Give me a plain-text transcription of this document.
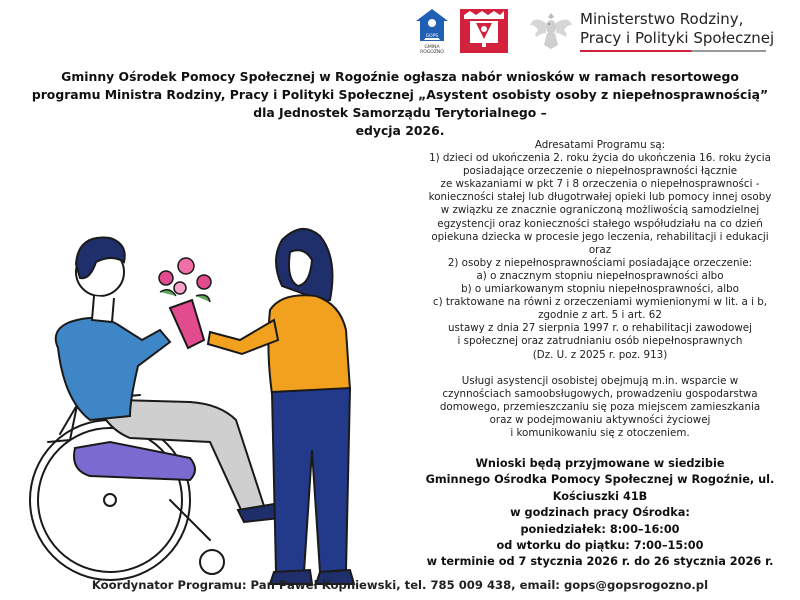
GOPS
GMINA ROGOŹNO
Ministerstwo Rodziny,
Pracy i Polityki Społecznej
Gminny Ośrodek Pomocy Społecznej w Rogoźnie ogłasza nabór wniosków w ramach resortowego
programu Ministra Rodziny, Pracy i Polityki Społecznej „Asystent osobisty osoby z niepełnosprawnością”
dla Jednostek Samorządu Terytorialnego –
edycja 2026.
Adresatami Programu są:
1) dzieci od ukończenia 2. roku życia do ukończenia 16. roku życia
posiadające orzeczenie o niepełnosprawności łącznie
ze wskazaniami w pkt 7 i 8 orzeczenia o niepełnosprawności -
konieczności stałej lub długotrwałej opieki lub pomocy innej osoby
w związku ze znacznie ograniczoną możliwością samodzielnej
egzystencji oraz konieczności stałego współudziału na co dzień
opiekuna dziecka w procesie jego leczenia, rehabilitacji i edukacji
oraz
2) osoby z niepełnosprawnościami posiadające orzeczenie:
a) o znacznym stopniu niepełnosprawności albo
b) o umiarkowanym stopniu niepełnosprawności, albo
c) traktowane na równi z orzeczeniami wymienionymi w lit. a i b,
zgodnie z art. 5 i art. 62
ustawy z dnia 27 sierpnia 1997 r. o rehabilitacji zawodowej
i społecznej oraz zatrudnianiu osób niepełnosprawnych
(Dz. U. z 2025 r. poz. 913)
Usługi asystencji osobistej obejmują m.in. wsparcie w
czynnościach samoobsługowych, prowadzeniu gospodarstwa
domowego, przemieszczaniu się poza miejscem zamieszkania
oraz w podejmowaniu aktywności życiowej
i komunikowaniu się z otoczeniem.
Wnioski będą przyjmowane w siedzibie
Gminnego Ośrodka Pomocy Społecznej w Rogoźnie, ul.
Kościuszki 41B
w godzinach pracy Ośrodka:
poniedziałek: 8:00–16:00
od wtorku do piątku: 7:00–15:00
w terminie od 7 stycznia 2026 r. do 26 stycznia 2026 r.
Koordynator Programu: Pan Paweł Kopniewski, tel. 785 009 438, email: gops@gopsrogozno.pl
